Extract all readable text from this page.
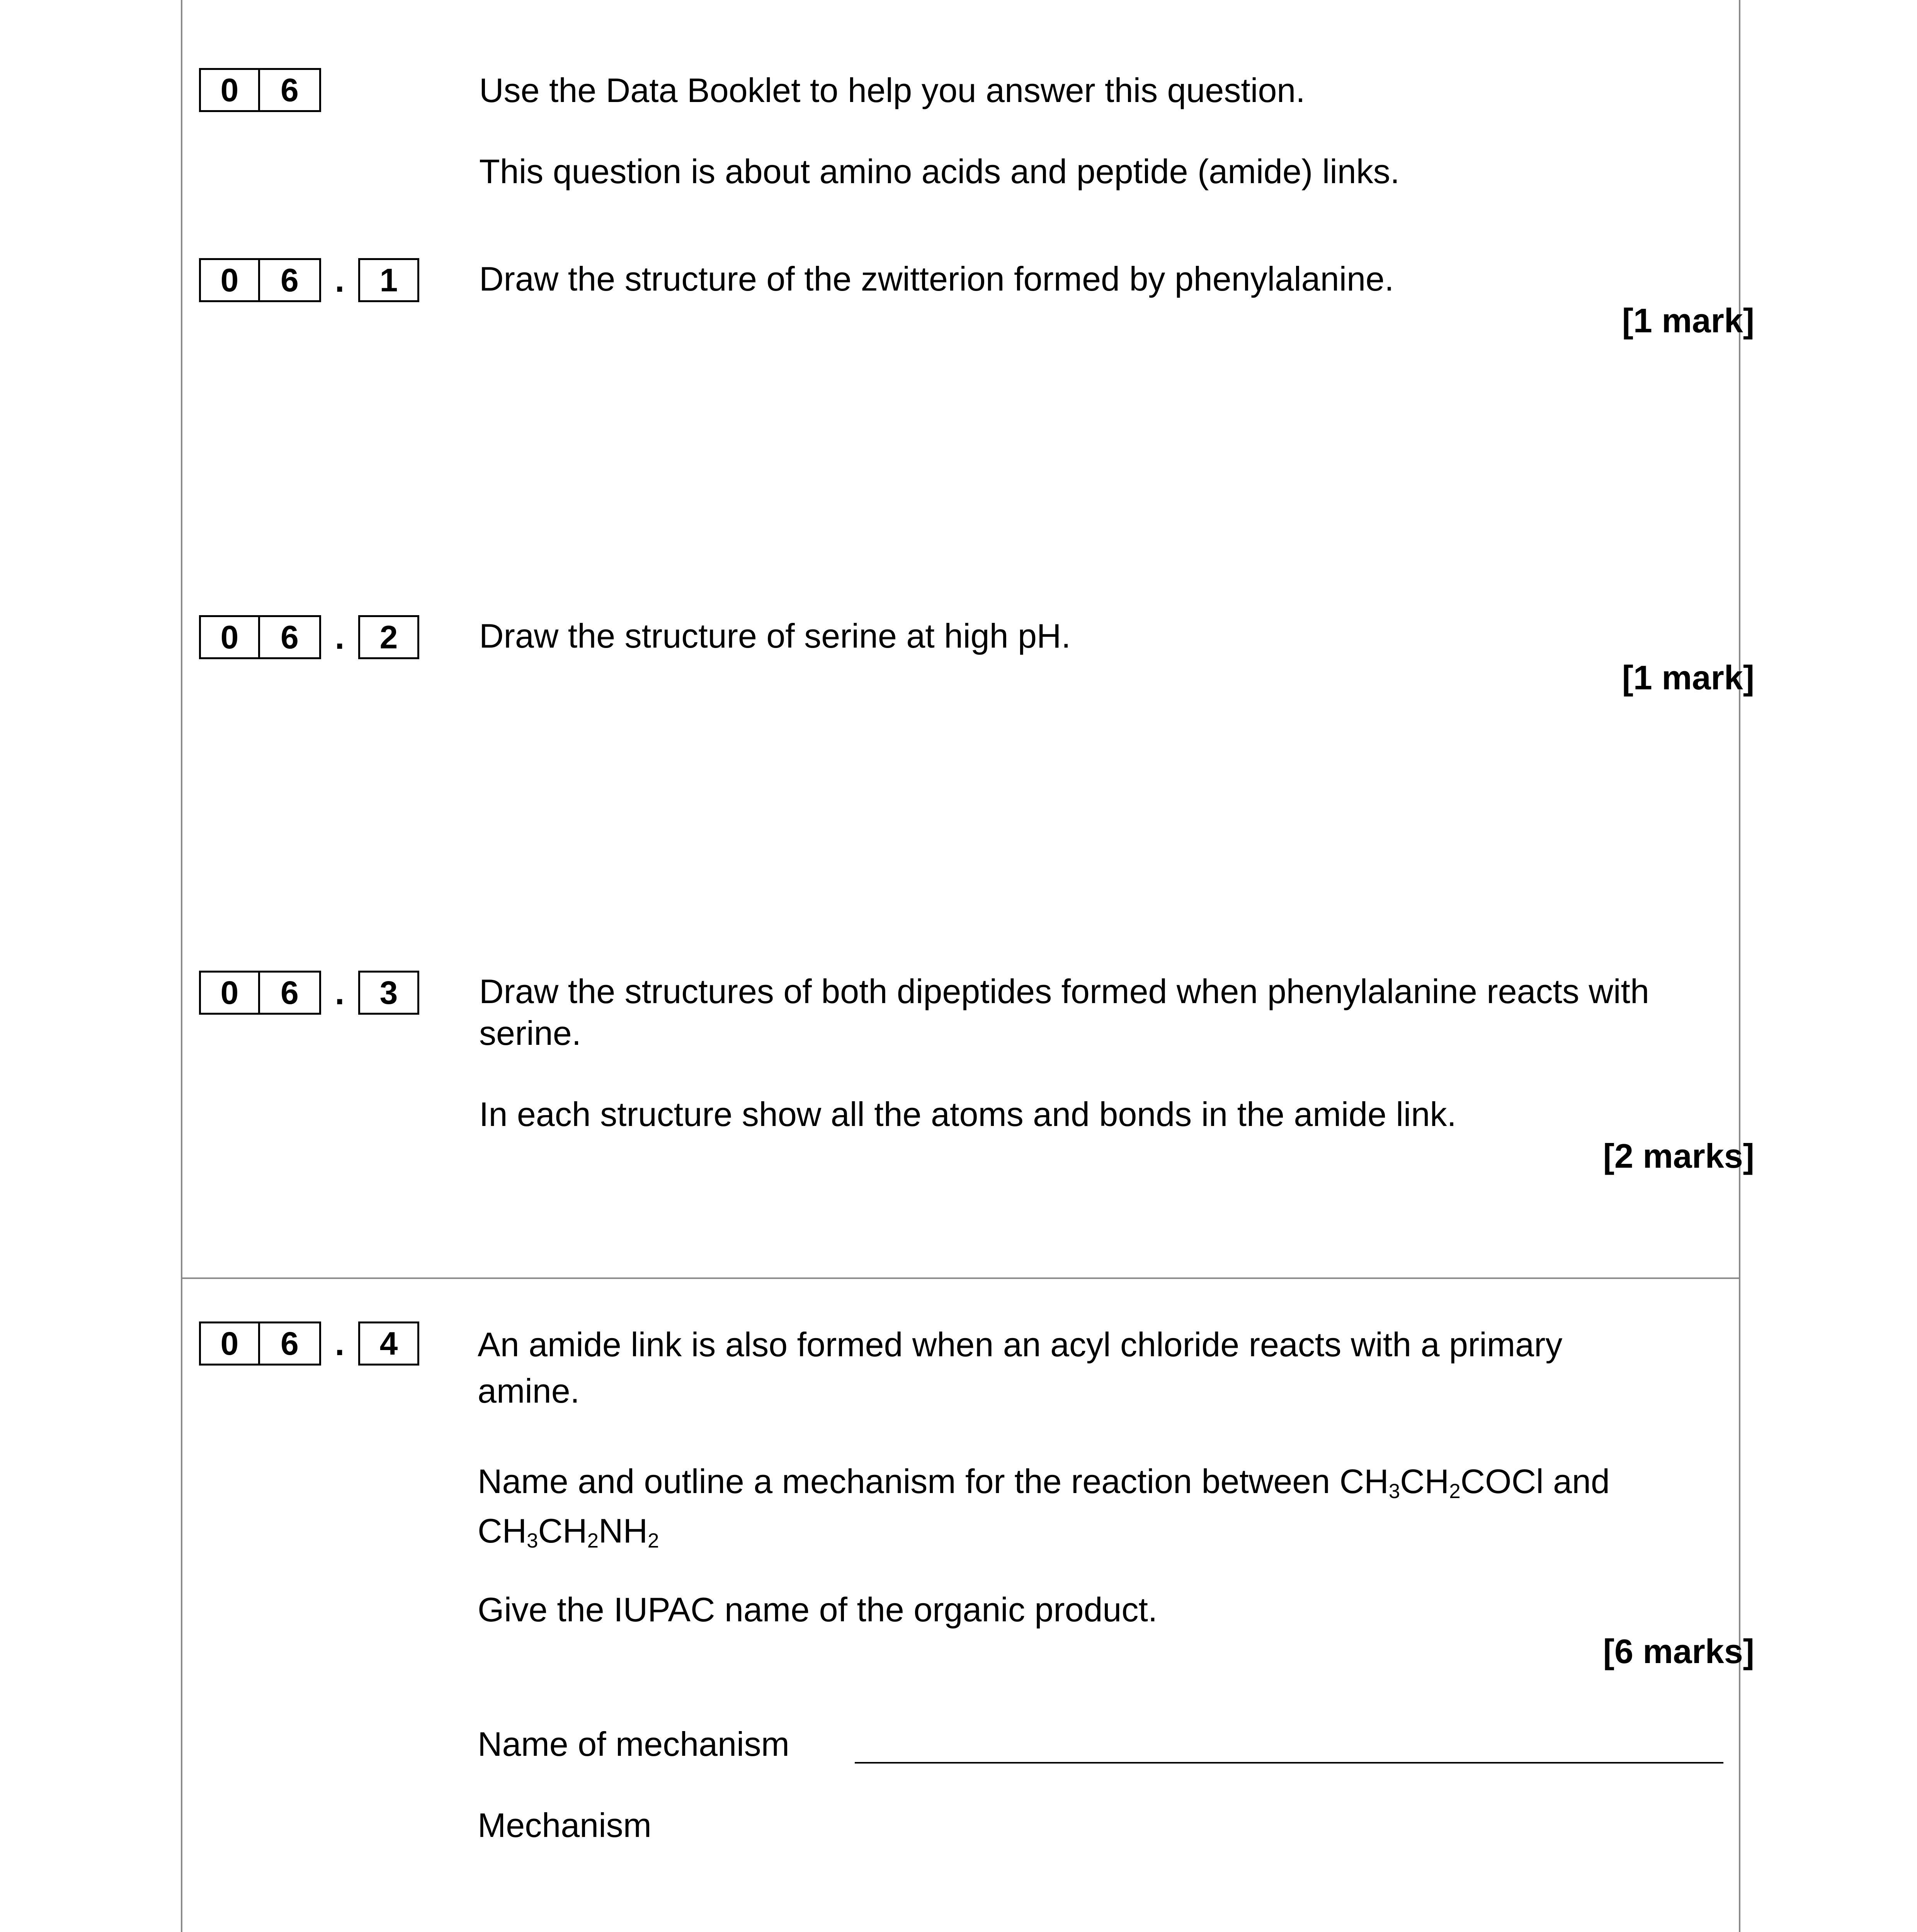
0	6	Use the Data Booklet to help you answer this question.

This question is about amino acids and peptide (amide) links.

0	6	.	1	Draw the structure of the zwitterion formed by phenylalanine.

[1 mark]
0	6	.	2	Draw the structure of serine at high pH.

[1 mark]
0	6	.	3	Draw the structures of both dipeptides formed when phenylalanine reacts with serine.

In each structure show all the atoms and bonds in the amide link.

[2 marks]
0	6	.	4	An amide link is also formed when an acyl chloride reacts with a primary amine.

Name and outline a mechanism for the reaction between $CH_3CH_2COCl$ and

$CH_3CH_2NH_2$

Give the IUPAC name of the organic product.

[6 marks]

Name of mechanism

Mechanism
